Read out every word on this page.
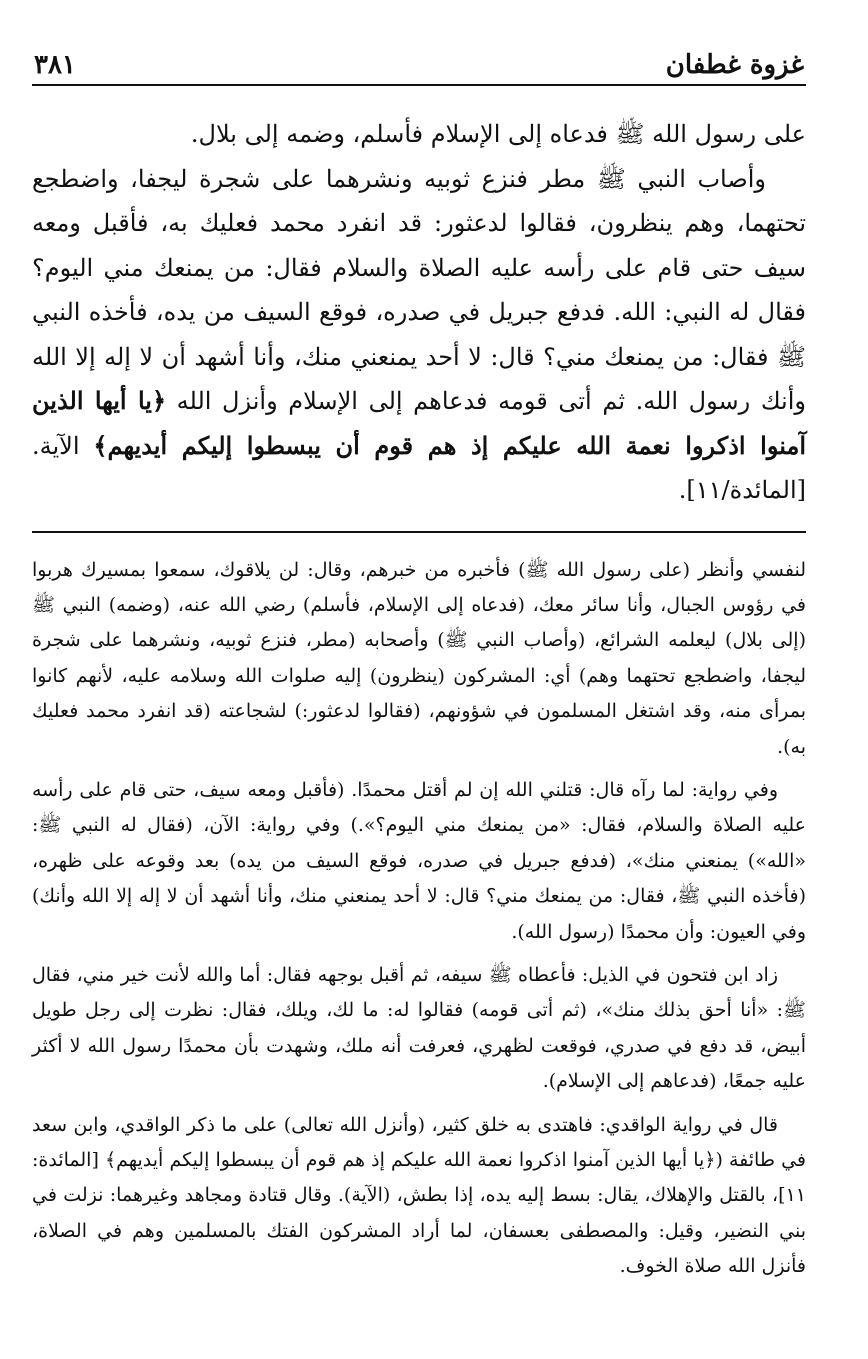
غزوة غطفان
٣٨١

على رسول الله ﷺ فدعاه إلى الإسلام فأسلم، وضمه إلى بلال.

وأصاب النبي ﷺ مطر فنزع ثوبيه ونشرهما على شجرة ليجفا، واضطجع تحتهما، وهم ينظرون، فقالوا لدعثور: قد انفرد محمد فعليك به، فأقبل ومعه سيف حتى قام على رأسه عليه الصلاة والسلام فقال: من يمنعك مني اليوم؟ فقال له النبي: الله. فدفع جبريل في صدره، فوقع السيف من يده، فأخذه النبي ﷺ فقال: من يمنعك مني؟ قال: لا أحد يمنعني منك، وأنا أشهد أن لا إله إلا الله وأنك رسول الله. ثم أتى قومه فدعاهم إلى الإسلام وأنزل الله ﴿يا أيها الذين آمنوا اذكروا نعمة الله عليكم إذ هم قوم أن يبسطوا إليكم أيديهم﴾ الآية. [المائدة/١١].

لنفسي وأنظر (على رسول الله ﷺ) فأخبره من خبرهم، وقال: لن يلاقوك، سمعوا بمسيرك هربوا في رؤوس الجبال، وأنا سائر معك، (فدعاه إلى الإسلام، فأسلم) رضي الله عنه، (وضمه) النبي ﷺ (إلى بلال) ليعلمه الشرائع، (وأصاب النبي ﷺ) وأصحابه (مطر، فنزع ثوبيه، ونشرهما على شجرة ليجفا، واضطجع تحتهما وهم) أي: المشركون (ينظرون) إليه صلوات الله وسلامه عليه، لأنهم كانوا بمرأى منه، وقد اشتغل المسلمون في شؤونهم، (فقالوا لدعثور:) لشجاعته (قد انفرد محمد فعليك به).

وفي رواية: لما رآه قال: قتلني الله إن لم أقتل محمدًا. (فأقبل ومعه سيف، حتى قام على رأسه عليه الصلاة والسلام، فقال: «من يمنعك مني اليوم؟».) وفي رواية: الآن، (فقال له النبي ﷺ: «الله») يمنعني منك»، (فدفع جبريل في صدره، فوقع السيف من يده) بعد وقوعه على ظهره، (فأخذه النبي ﷺ، فقال: من يمنعك مني؟ قال: لا أحد يمنعني منك، وأنا أشهد أن لا إله إلا الله وأنك) وفي العيون: وأن محمدًا (رسول الله).

زاد ابن فتحون في الذيل: فأعطاه ﷺ سيفه، ثم أقبل بوجهه فقال: أما والله لأنت خير مني، فقال ﷺ: «أنا أحق بذلك منك»، (ثم أتى قومه) فقالوا له: ما لك، ويلك، فقال: نظرت إلى رجل طويل أبيض، قد دفع في صدري، فوقعت لظهري، فعرفت أنه ملك، وشهدت بأن محمدًا رسول الله لا أكثر عليه جمعًا، (فدعاهم إلى الإسلام).

قال في رواية الواقدي: فاهتدى به خلق كثير، (وأنزل الله تعالى) على ما ذكر الواقدي، وابن سعد في طائفة (﴿يا أيها الذين آمنوا اذكروا نعمة الله عليكم إذ هم قوم أن يبسطوا إليكم أيديهم﴾ [المائدة: ١١]، بالقتل والإهلاك، يقال: بسط إليه يده، إذا بطش، (الآية). وقال قتادة ومجاهد وغيرهما: نزلت في بني النضير، وقيل: والمصطفى بعسفان، لما أراد المشركون الفتك بالمسلمين وهم في الصلاة، فأنزل الله صلاة الخوف.
